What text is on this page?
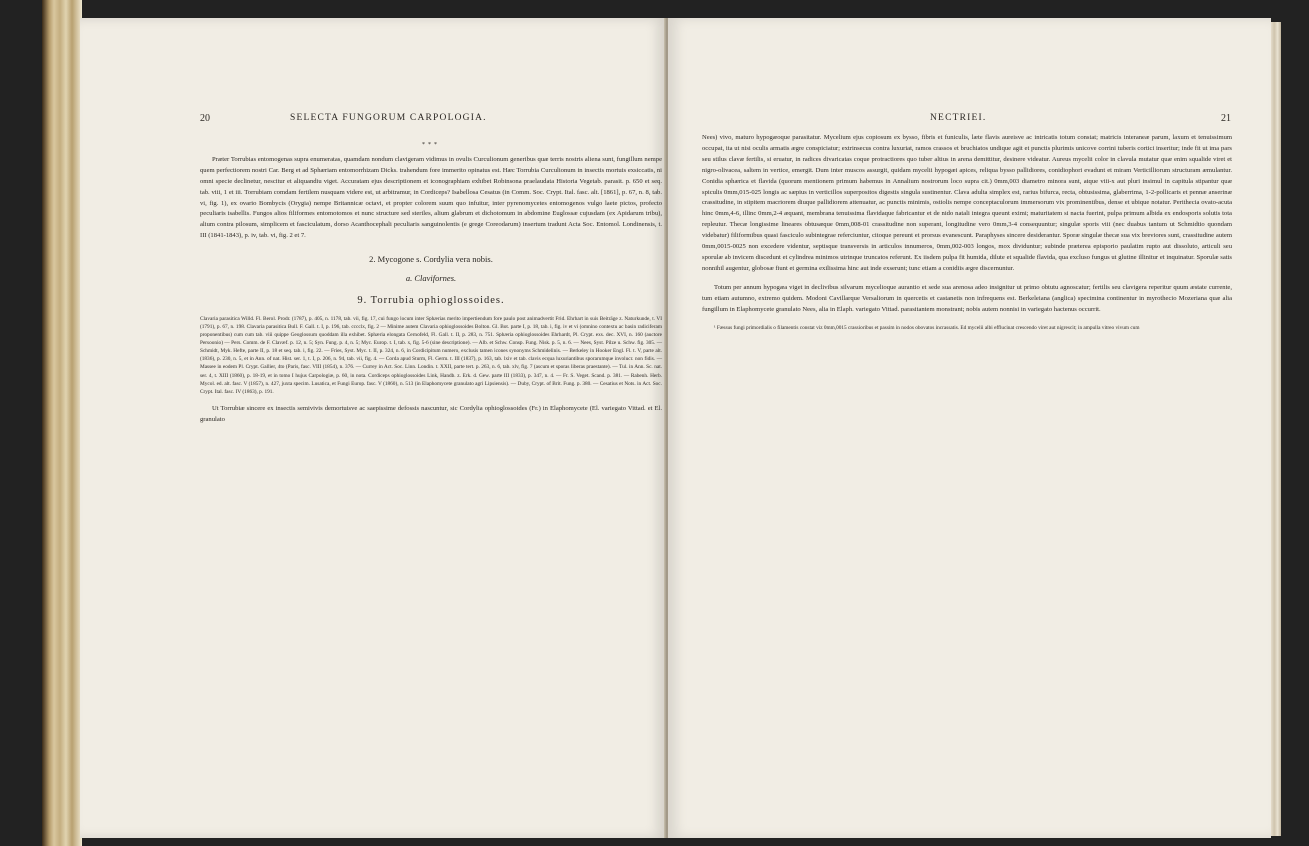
20	SELECTA FUNGORUM CARPOLOGIA.
***

Præter Torrubias entomogenas supra enumeratas, quamdam nondum clavigeram vidimus in ovulis Curculionum generibus quæ terris nostris aliena sunt, fungillum nempe quem perfectiorem nostri Car. Berg et ad Sphæriam entomorrhizam Dicks. trahendum fore immerito opinatus est. Hæc Torrubia Curculionum in insectis mortuis exsiccatis, ni omni specie declinetur, nescitur et aliquandiu viget. Accuratam ejus descriptionem et iconographiam exhibet Robinsona praelaudata Historia Vegetab. parasit. p. 650 et seq. tab. viii, 1 et iii. Torrubiam comdam fertilem nusquam videre est, ut arbitramur, in Cordiceps? Isabellosa Cesatus (in Comm. Soc. Crypt. Ital. fasc. alt. [1861], p. 67, n. 8, tab. vi, fig. 1), ex ovario Bombycis (Orygia) nempe Britannicæ octavi, et propter colorem suum quo infuitur, inter pyrenomycetes entomogenos vulgo laete pictos, profecto peculiaris isabellis. Fungos alios filiformes entomotomos et nunc structure sed steriles, alium glabrum et dichotomum in abdomine Euglossæ cujusdam (ex Apidarum tribu), alium contra pilosum, simplicem et fasciculatum, dorso Acanthocephali peculiaris sanguinolentis (e grege Coreodarum) insertum tradunt Acta Soc. Entomol. Londinensis, t. III (1841-1843), p. iv, tab. vi, fig. 2 et 7.

2. Mycogone s. Cordylia vera nobis.
a. Clavifornes.
9. Torrubia ophioglossoides.

Clavaria parasitica Willd. Fl. Berol. Prodr. (1787), p. 405, n. 1178, tab. vii, fig. 17, cui fungo locum inter Sphærias merito impertiendum fore paulo post animadvertit Frid. Ehrhart in suis Beiträge z. Naturkunde, t. VI (1791), p. 67, n. 198. Clavaria parasitica Bull. F. Gall. t. I, p. 196, tab. cccclx, fig. 2 — Minime autem Clavaria ophioglossoides Bolton. Gl. Bot. parte I, p. 18, tab. i, fig. iv et vi (omnino contextu ac basin radiciferam proponentibus) cum cum tab. viii quippe Geoglossum quoddam illa exhibet. Sphæria elongata Cernofeld, Fl. Gall. t. II, p. 283, n. 751. Sphæria ophioglossoides Ehrhardt, Pl. Crypt. exs. dec. XVI, n. 160 (auctore Persoonio) — Pers. Comm. de F. Clavæf. p. 12, n. 5; Syn. Fung. p. 4, n. 5; Myc. Europ. t. I, tab. x, fig. 5-6 (sine descriptione). — Alb. et Schw. Consp. Fung. Nisk. p. 5, n. 6. — Nees, Syst. Pilze u. Schw. fig. 305. — Schmidt, Myk. Hefte, parte II, p. 18 et seq. tab. i, fig. 22. — Fries, Syst. Myc. t. II, p. 324, n. 6, in Cordicipitum numero, exclusis tamen icones synonyms Schmidelinis. — Berkeley in Hooker Engl. Fl. t. V, parte alt. (1836), p. 230, n. 5, et in Ann. of nat. Hist. ser. 1, t. I, p. 206, n. 94, tab. vii, fig. 4. — Corda apud Sturm, Fl. Germ. t. III (1837), p. 163, tab. lxiv et tab. clavis ecqua luxuriantibus sporarumque involucr. non fidis. — Massee in eodem Pl. Crypt. Gallier, 4to (Paris, fasc. VIII (1854), n. 376. — Currey in Act. Soc. Linn. Londin. t. XXII, parte tert. p. 263, n. 6, tab. xlv, fig. 7 (ascum et sporas liberas praestante). — Tul. in Ann. Sc. nat. ser. 4, t. XIII (1860), p. 18-19, et in tomo I hujus Carpologiæ, p. 60, in nota. Cordiceps ophioglossoides Link, Handb. z. Erk. d. Gew. parte III (1833), p. 347, n. 4. — Fr. S. Veget. Scand. p. 381. — Rabenh. Herb. Mycol. ed. alt. fasc. V (1857), n. 427, juxta specim. Lusatica, et Fungi Europ. fasc. V (1860), n. 513 (in Elaphomycete granulato agri Lipsiensis). — Duby, Crypt. of Brit. Fung. p. 380. — Cesatius et Nots. in Act. Soc. Crypt. Ital. fasc. IV (1863), p. 191.

Ut Torrubiæ sincere ex insectis semivivis demortuisve ac saepissime defossis nascuntur, sic Cordylia ophioglossoides (Fr.) in Elaphomycete (El. variegato Vittad. et El. granulato

NECTRIEI.	21

Nees) vivo, maturo hypogæoque parasitatur. Mycelium ejus copiosum ex bysso, fibris et funiculis, læte flavis aureisve ac intricatis totum constat; matricis interaneæ parum, laxum et tenuissimum occupat, ita ut nisi oculis armatis ægre conspiciatur; extrinsecus contra luxuriat, ramos crassos et bruchiatos undique agit et punctis plurimis unicove corrini tuberis cortici inseritur; inde fit ut ima pars seu stilus clavæ fertilis, si eruatur, in radices divaricatas coque protractiores quo tuber altius in arena demittitur, desinere videatur. Aureus mycelii color in clavula mutatur quæ enim squalide viret et nigro-olivacea, saltem in vertice, emergit. Dum inter muscos assurgit, quidam mycelii hypogæi apices, reliqua bysso pallidiores, conidiophori evadunt et miram Verticilliorum structuram æmulantur. Conidia sphærica et flavida (quorum mentionem primum habemus in Annalium nostrorum loco supra cit.) 0mm,003 diametro minora sunt, atque viii-x aut pluri insimul in capitula stipantur quæ spiculis 0mm,015-025 longis ac sæpius in verticillos superpositos digestis singula sustinentur. Clava adulta simplex est, rarius bifurca, recta, obtusissima, glaberrima, 1-2-pollicaris et pennæ anserinæ crassitudine, in stipitem macriorem diuque pallidiorem attenuatur, ac punctis minimis, ostiolis nempe conceptaculorum immersorum vix prominentibus, dense et ubique notatur. Perithecia ovato-acuta hinc 0mm,4-6, illinc 0mm,2-4 æquant, membrana tenuissima flavidaque fabricantur et de nido natali integra queunt eximi; maturitatem si nacta fuerint, pulpa primum albida ex endosporis solutis tota repleutur. Thecæ longissime lineares obtusæque 0mm,008-01 crassitudine non superant, longitudine vero 0mm,3-4 consequuntur; singulæ sporis viii (nec duabus tantum ut Schmidtio quondam videbatur) filiformibus quasi fasciculo subintegrae referciuntur, citoque pereunt et prorsus evanescunt. Paraphyses sincere desiderantur. Sporæ singulæ thecæ sua vix breviores sunt, crassitudine autem 0mm,0015-0025 non excedere videntur, septisque transversis in articulos innumeros, 0mm,002-003 longos, mox dividuntur; subinde præterea episporio paulatim rupto aut dissoluto, articuli seu sporulæ ab invicem discedunt et cylindrea minimos utrinque truncatos referunt. Ex iisdem pulpa fit humida, dilute et squalide flavida, qua excluso fungus ut glutine illinitur et inquinatur. Sporulæ satis nonnihil augentur, globosæ fiunt et germina exilissima hinc aut inde exserunt; tunc etiam a conidiis ægre discernuntur.

Totum per annum hypogæa viget in declivibus silvarum mycelioque aurantio et sede sua arenosa adeo insignitur ut primo obtutu agnoscatur; fertilis seu clavigera reperitur quum æstate currente, tum etiam autumno, extremo quidem. Modoni Cavillarque Versaliorum in quercetis et castanetis non infrequens est. Berkeleiana (anglica) specimina continentur in myrothecio Mozeriana quæ alia fungillum in Elaphomycete granulato Nees, alia in Elaph. variegato Vittad. parasitantem monstrant; nobis autem nonnisi in variegato hactenus occurrit.

¹ Fæssus fungi primordialis o filamentis constat viz 0mm,0015 crassioribus et passim in nodos obovatos incrassatis. Ed mycelii albi efflucinat crescendo viret aut nigrescit; in ampulla vitreo vivum cum
